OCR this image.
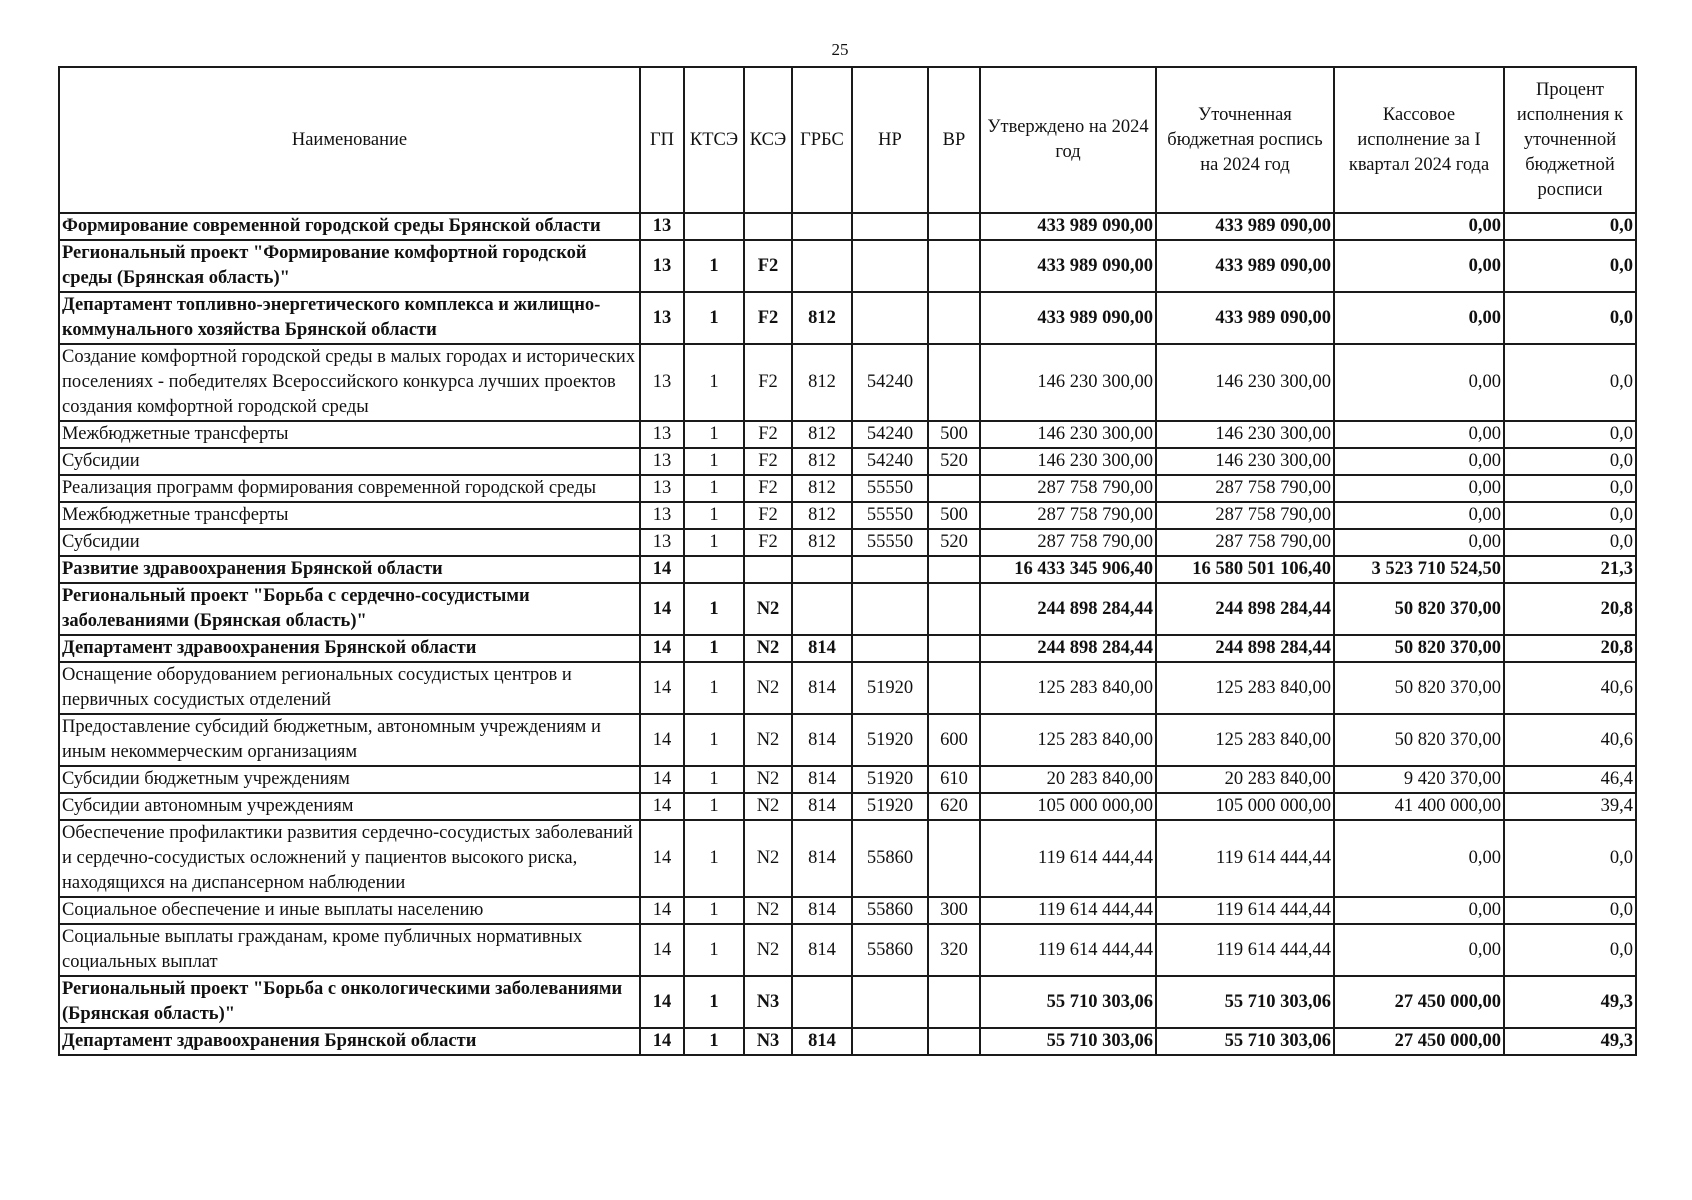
25
Наименование	ГП	КТСЭ	КСЭ	ГРБС	НР	ВР	Утверждено на 2024 год	Уточненная бюджетная роспись на 2024 год	Кассовое исполнение за I квартал 2024 года	Процент исполнения к уточненной бюджетной росписи
Формирование современной городской среды Брянской области	13						433 989 090,00	433 989 090,00	0,00	0,0
Региональный проект "Формирование комфортной городской среды (Брянская область)"	13	1	F2				433 989 090,00	433 989 090,00	0,00	0,0
Департамент топливно-энергетического комплекса и жилищно-коммунального хозяйства Брянской области	13	1	F2	812			433 989 090,00	433 989 090,00	0,00	0,0
Создание комфортной городской среды в малых городах и исторических поселениях - победителях Всероссийского конкурса лучших проектов создания комфортной городской среды	13	1	F2	812	54240		146 230 300,00	146 230 300,00	0,00	0,0
Межбюджетные трансферты	13	1	F2	812	54240	500	146 230 300,00	146 230 300,00	0,00	0,0
Субсидии	13	1	F2	812	54240	520	146 230 300,00	146 230 300,00	0,00	0,0
Реализация программ формирования современной городской среды	13	1	F2	812	55550		287 758 790,00	287 758 790,00	0,00	0,0
Межбюджетные трансферты	13	1	F2	812	55550	500	287 758 790,00	287 758 790,00	0,00	0,0
Субсидии	13	1	F2	812	55550	520	287 758 790,00	287 758 790,00	0,00	0,0
Развитие здравоохранения Брянской области	14						16 433 345 906,40	16 580 501 106,40	3 523 710 524,50	21,3
Региональный проект "Борьба с сердечно-сосудистыми заболеваниями (Брянская область)"	14	1	N2				244 898 284,44	244 898 284,44	50 820 370,00	20,8
Департамент здравоохранения Брянской области	14	1	N2	814			244 898 284,44	244 898 284,44	50 820 370,00	20,8
Оснащение оборудованием региональных сосудистых центров и первичных сосудистых отделений	14	1	N2	814	51920		125 283 840,00	125 283 840,00	50 820 370,00	40,6
Предоставление субсидий бюджетным, автономным учреждениям и иным некоммерческим организациям	14	1	N2	814	51920	600	125 283 840,00	125 283 840,00	50 820 370,00	40,6
Субсидии бюджетным учреждениям	14	1	N2	814	51920	610	20 283 840,00	20 283 840,00	9 420 370,00	46,4
Субсидии автономным учреждениям	14	1	N2	814	51920	620	105 000 000,00	105 000 000,00	41 400 000,00	39,4
Обеспечение профилактики развития сердечно-сосудистых заболеваний и сердечно-сосудистых осложнений у пациентов высокого риска, находящихся на диспансерном наблюдении	14	1	N2	814	55860		119 614 444,44	119 614 444,44	0,00	0,0
Социальное обеспечение и иные выплаты населению	14	1	N2	814	55860	300	119 614 444,44	119 614 444,44	0,00	0,0
Социальные выплаты гражданам, кроме публичных нормативных социальных выплат	14	1	N2	814	55860	320	119 614 444,44	119 614 444,44	0,00	0,0
Региональный проект "Борьба с онкологическими заболеваниями (Брянская область)"	14	1	N3				55 710 303,06	55 710 303,06	27 450 000,00	49,3
Департамент здравоохранения Брянской области	14	1	N3	814			55 710 303,06	55 710 303,06	27 450 000,00	49,3
